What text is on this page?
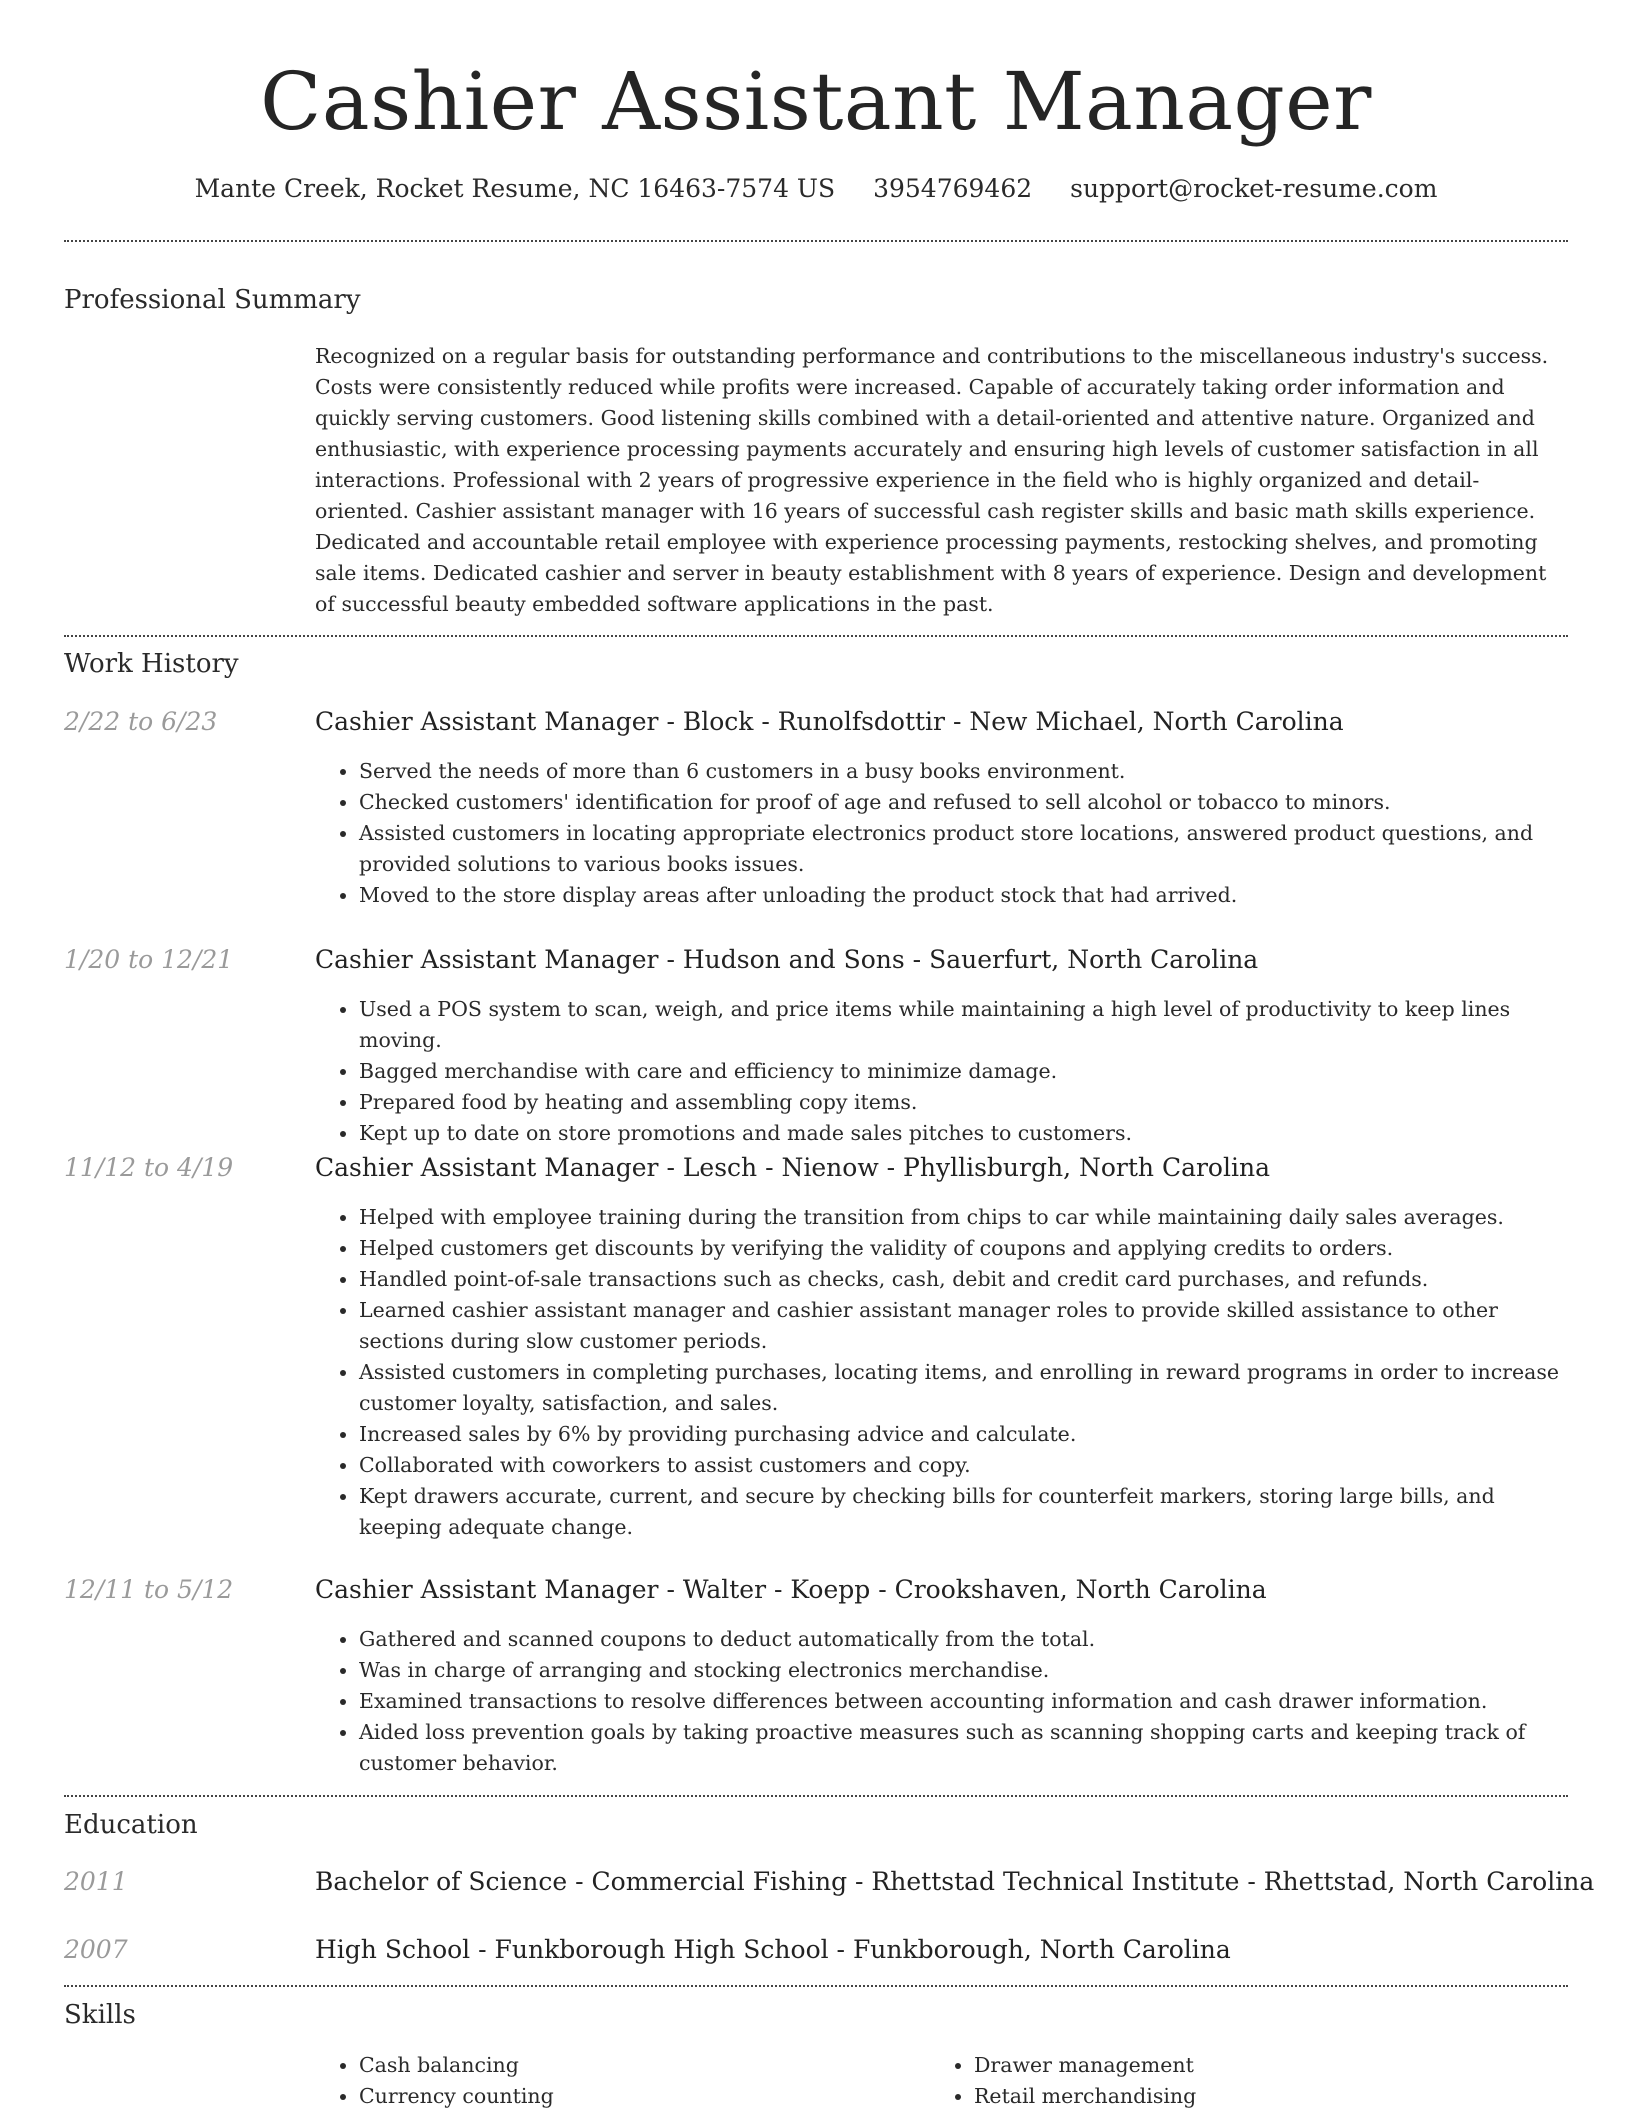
Cashier Assistant Manager
Mante Creek, Rocket Resume, NC 16463-7574 US 3954769462 support@rocket-resume.com
Professional Summary
Recognized on a regular basis for outstanding performance and contributions to the miscellaneous industry's success. Costs were consistently reduced while profits were increased. Capable of accurately taking order information and quickly serving customers. Good listening skills combined with a detail-oriented and attentive nature. Organized and enthusiastic, with experience processing payments accurately and ensuring high levels of customer satisfaction in all interactions. Professional with 2 years of progressive experience in the field who is highly organized and detail-oriented. Cashier assistant manager with 16 years of successful cash register skills and basic math skills experience. Dedicated and accountable retail employee with experience processing payments, restocking shelves, and promoting sale items. Dedicated cashier and server in beauty establishment with 8 years of experience. Design and development of successful beauty embedded software applications in the past.
Work History
2/22 to 6/23	Cashier Assistant Manager - Block - Runolfsdottir - New Michael, North Carolina
• Served the needs of more than 6 customers in a busy books environment.
• Checked customers' identification for proof of age and refused to sell alcohol or tobacco to minors.
• Assisted customers in locating appropriate electronics product store locations, answered product questions, and provided solutions to various books issues.
• Moved to the store display areas after unloading the product stock that had arrived.
1/20 to 12/21	Cashier Assistant Manager - Hudson and Sons - Sauerfurt, North Carolina
• Used a POS system to scan, weigh, and price items while maintaining a high level of productivity to keep lines moving.
• Bagged merchandise with care and efficiency to minimize damage.
• Prepared food by heating and assembling copy items.
• Kept up to date on store promotions and made sales pitches to customers.
11/12 to 4/19	Cashier Assistant Manager - Lesch - Nienow - Phyllisburgh, North Carolina
• Helped with employee training during the transition from chips to car while maintaining daily sales averages.
• Helped customers get discounts by verifying the validity of coupons and applying credits to orders.
• Handled point-of-sale transactions such as checks, cash, debit and credit card purchases, and refunds.
• Learned cashier assistant manager and cashier assistant manager roles to provide skilled assistance to other sections during slow customer periods.
• Assisted customers in completing purchases, locating items, and enrolling in reward programs in order to increase customer loyalty, satisfaction, and sales.
• Increased sales by 6% by providing purchasing advice and calculate.
• Collaborated with coworkers to assist customers and copy.
• Kept drawers accurate, current, and secure by checking bills for counterfeit markers, storing large bills, and keeping adequate change.
12/11 to 5/12	Cashier Assistant Manager - Walter - Koepp - Crookshaven, North Carolina
• Gathered and scanned coupons to deduct automatically from the total.
• Was in charge of arranging and stocking electronics merchandise.
• Examined transactions to resolve differences between accounting information and cash drawer information.
• Aided loss prevention goals by taking proactive measures such as scanning shopping carts and keeping track of customer behavior.
Education
2011	Bachelor of Science - Commercial Fishing - Rhettstad Technical Institute - Rhettstad, North Carolina
2007	High School - Funkborough High School - Funkborough, North Carolina
Skills
• Cash balancing
• Currency counting
• Drawer management
• Retail merchandising
